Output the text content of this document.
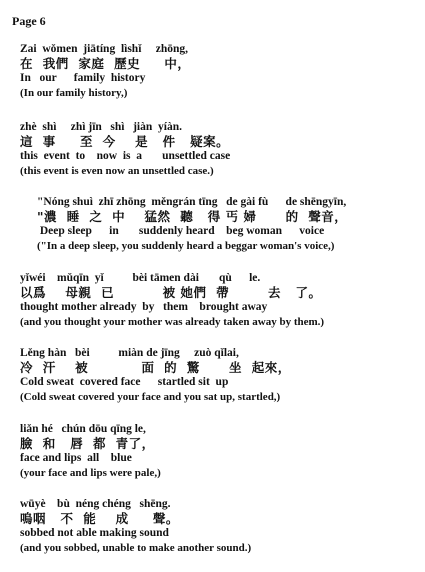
Page 6
Zai  wǒmen  jiātíng  lìshǐ     zhōng,
在  我們  家庭  歷史     中，
In   our      family  history
(In our family history,)
zhè  shì     zhì jīn   shì   jiàn  yíàn.
這  事     至  今    是   件   疑案。
this  event  to    now  is  a       unsettled case
(this event is even now an unsettled case.)
"Nóng shuì  zhī zhōng  měngrán tīng   de gài fù      de shēngyīn,
"濃  睡  之  中    猛然  聽   得 丐 婦      的  聲音，
Deep sleep      in       suddenly heard    beg woman      voice
("In a deep sleep, you suddenly heard a beggar woman's voice,)
yǐwéi    mǔqīn  yǐ          bèi tāmen dài       qù      le.
以爲    母親  已          被 她們  帶        去   了。
thought mother already  by   them    brought away
(and you thought your mother was already taken away by them.)
Lěng hàn   bèi          miàn de jīng     zuò qǐlai,
冷  汗    被           面  的  驚      坐  起來，
Cold sweat  covered face      startled sit  up
(Cold sweat covered your face and you sat up, startled,)
liǎn hé   chún dōu qīng le,
臉  和   唇  都  青了，
face and lips  all    blue
(your face and lips were pale,)
wūyè    bù  néng chéng   shēng.
嗚咽   不  能    成     聲。
sobbed not able making sound
(and you sobbed, unable to make another sound.)
